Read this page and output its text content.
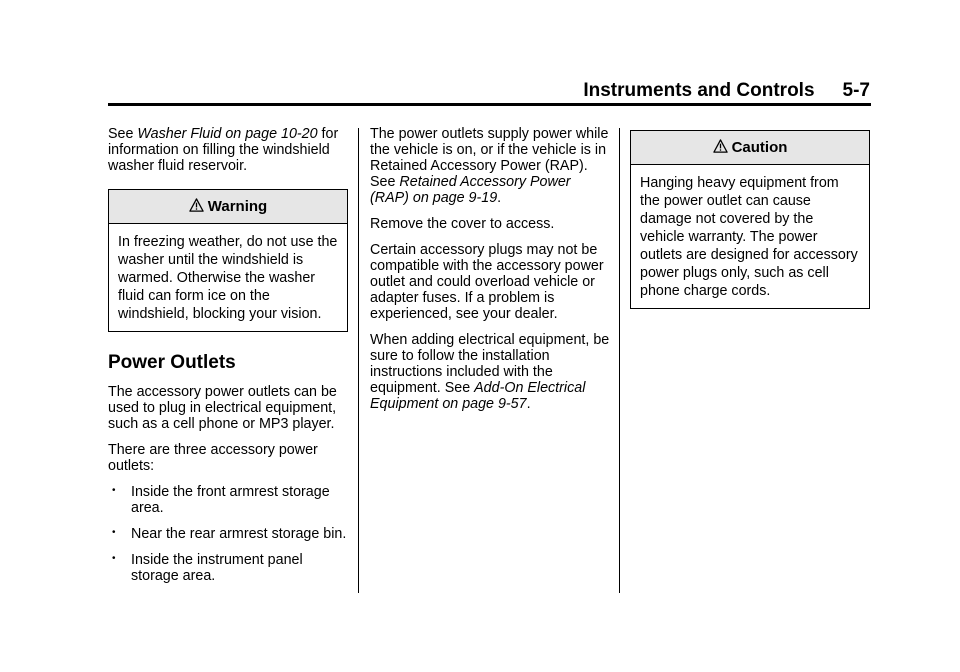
Instruments and Controls 5-7

See Washer Fluid on page 10-20 for information on filling the windshield washer fluid reservoir.

Warning
In freezing weather, do not use the washer until the windshield is warmed. Otherwise the washer fluid can form ice on the windshield, blocking your vision.
Power Outlets

The accessory power outlets can be used to plug in electrical equipment, such as a cell phone or MP3 player.

There are three accessory power outlets:

• Inside the front armrest storage area.
• Near the rear armrest storage bin.
• Inside the instrument panel storage area.

The power outlets supply power while the vehicle is on, or if the vehicle is in Retained Accessory Power (RAP). See Retained Accessory Power (RAP) on page 9-19.

Remove the cover to access.

Certain accessory plugs may not be compatible with the accessory power outlet and could overload vehicle or adapter fuses. If a problem is experienced, see your dealer.

When adding electrical equipment, be sure to follow the installation instructions included with the equipment. See Add-On Electrical Equipment on page 9-57.

Caution
Hanging heavy equipment from the power outlet can cause damage not covered by the vehicle warranty. The power outlets are designed for accessory power plugs only, such as cell phone charge cords.
